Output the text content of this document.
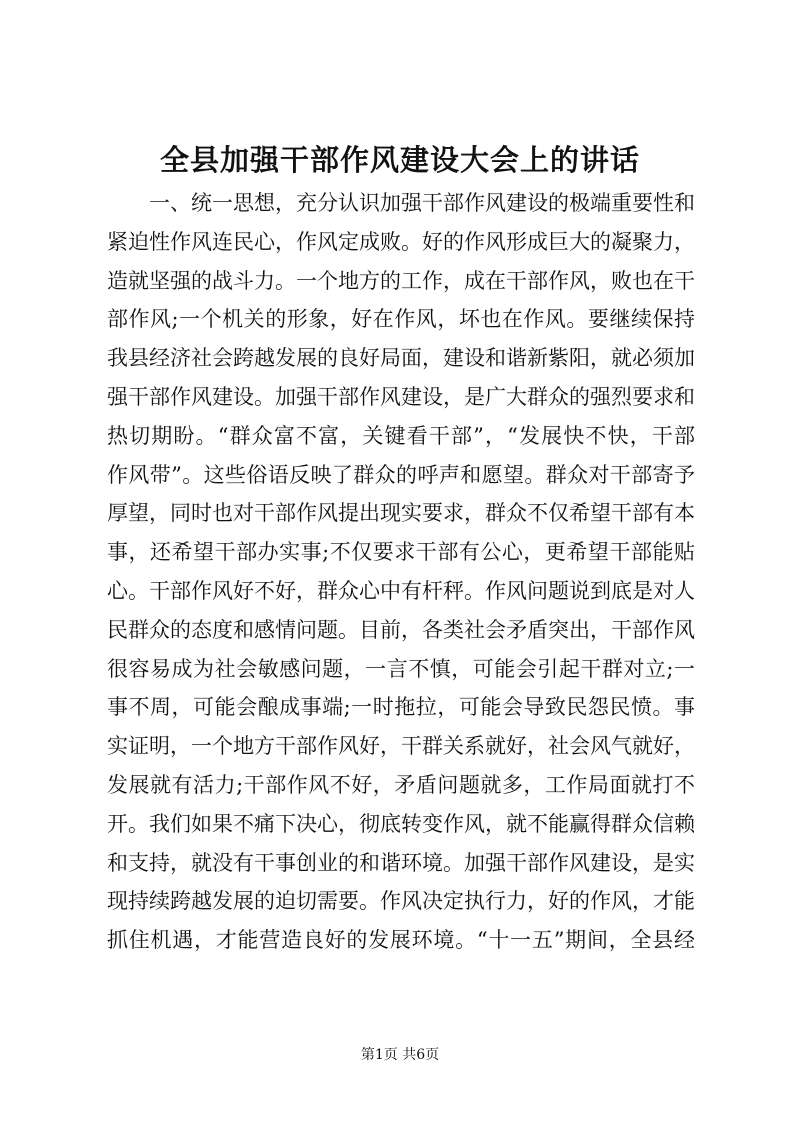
全县加强干部作风建设大会上的讲话
一、统一思想，充分认识加强干部作风建设的极端重要性和
紧迫性作风连民心，作风定成败。好的作风形成巨大的凝聚力，
造就坚强的战斗力。一个地方的工作，成在干部作风，败也在干
部作风;一个机关的形象，好在作风，坏也在作风。要继续保持
我县经济社会跨越发展的良好局面，建设和谐新紫阳，就必须加
强干部作风建设。加强干部作风建设，是广大群众的强烈要求和
热切期盼。“群众富不富，关键看干部”，“发展快不快，干部
作风带”。这些俗语反映了群众的呼声和愿望。群众对干部寄予
厚望，同时也对干部作风提出现实要求，群众不仅希望干部有本
事，还希望干部办实事;不仅要求干部有公心，更希望干部能贴
心。干部作风好不好，群众心中有杆秤。作风问题说到底是对人
民群众的态度和感情问题。目前，各类社会矛盾突出，干部作风
很容易成为社会敏感问题，一言不慎，可能会引起干群对立;一
事不周，可能会酿成事端;一时拖拉，可能会导致民怨民愤。事
实证明，一个地方干部作风好，干群关系就好，社会风气就好，
发展就有活力;干部作风不好，矛盾问题就多，工作局面就打不
开。我们如果不痛下决心，彻底转变作风，就不能赢得群众信赖
和支持，就没有干事创业的和谐环境。加强干部作风建设，是实
现持续跨越发展的迫切需要。作风决定执行力，好的作风，才能
抓住机遇，才能营造良好的发展环境。“十一五”期间，全县经
第1页 共6页
